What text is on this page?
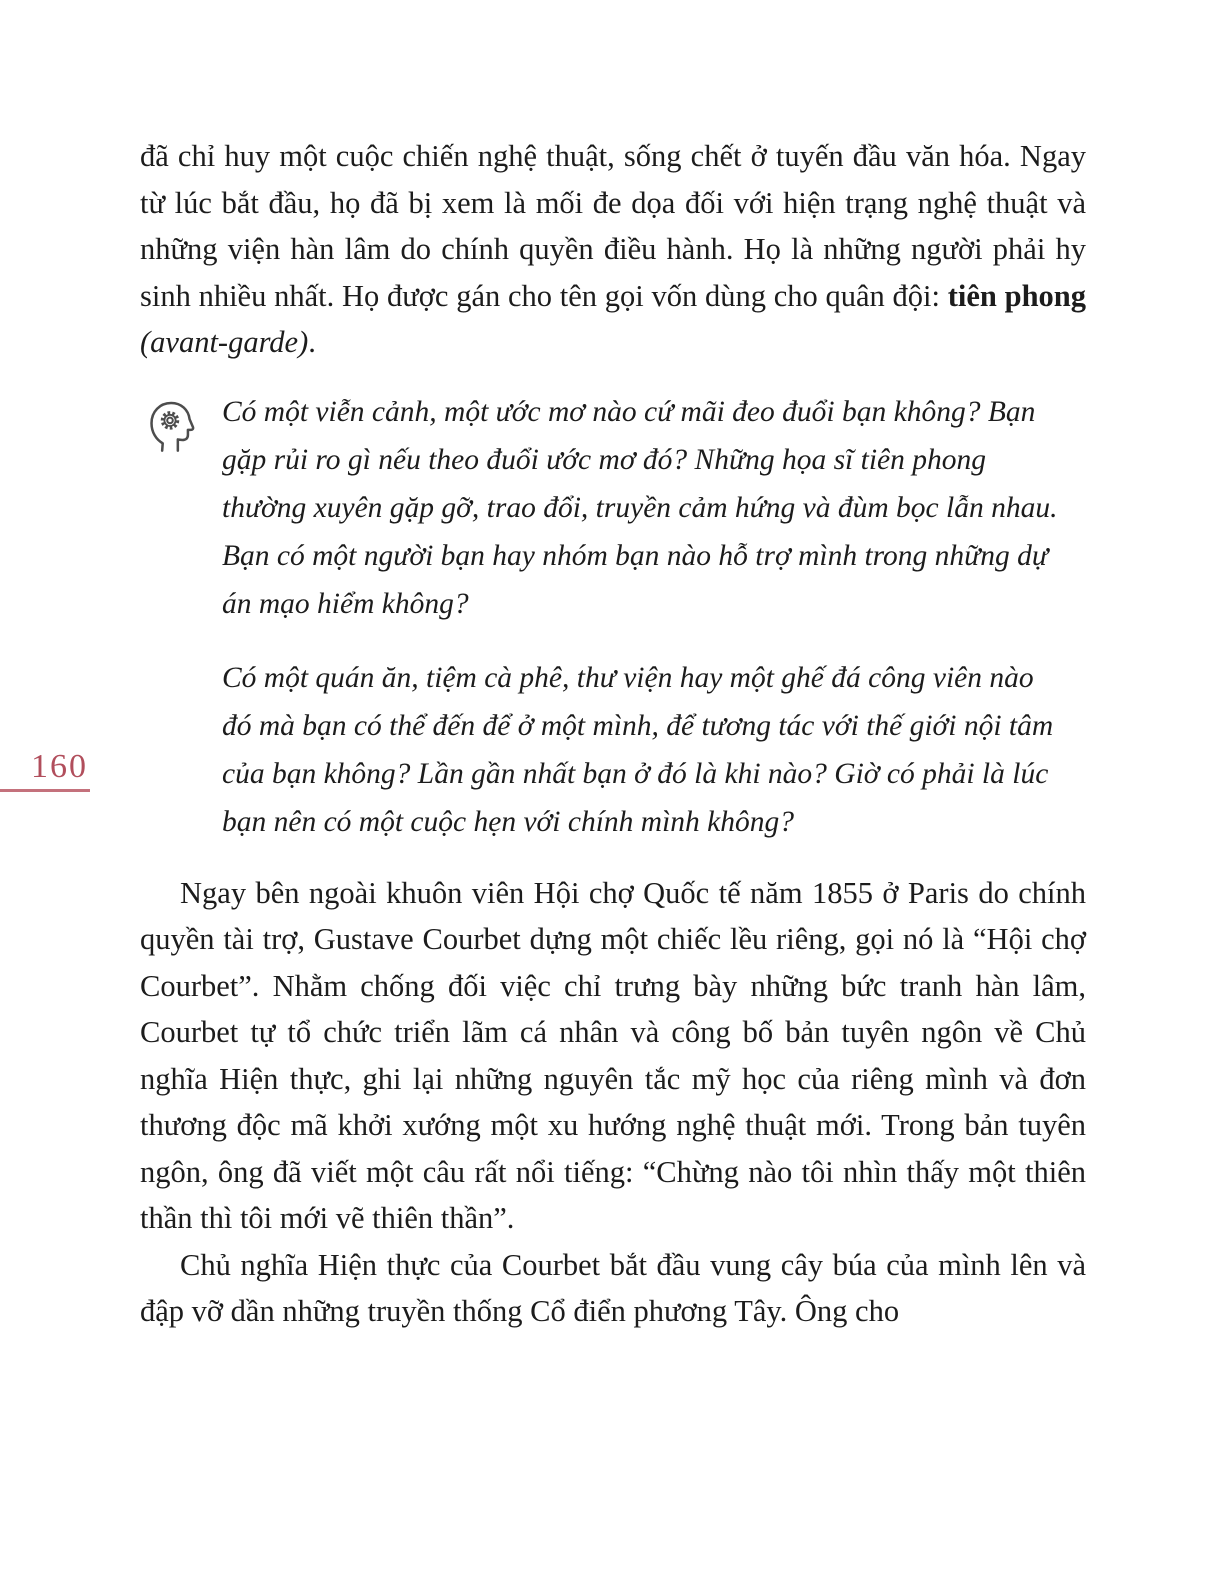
160

đã chỉ huy một cuộc chiến nghệ thuật, sống chết ở tuyến đầu văn hóa. Ngay từ lúc bắt đầu, họ đã bị xem là mối đe dọa đối với hiện trạng nghệ thuật và những viện hàn lâm do chính quyền điều hành. Họ là những người phải hy sinh nhiều nhất. Họ được gán cho tên gọi vốn dùng cho quân đội: tiên phong (avant-garde).

Có một viễn cảnh, một ước mơ nào cứ mãi đeo đuổi bạn không? Bạn gặp rủi ro gì nếu theo đuổi ước mơ đó? Những họa sĩ tiên phong thường xuyên gặp gỡ, trao đổi, truyền cảm hứng và đùm bọc lẫn nhau. Bạn có một người bạn hay nhóm bạn nào hỗ trợ mình trong những dự án mạo hiểm không?

Có một quán ăn, tiệm cà phê, thư viện hay một ghế đá công viên nào đó mà bạn có thể đến để ở một mình, để tương tác với thế giới nội tâm của bạn không? Lần gần nhất bạn ở đó là khi nào? Giờ có phải là lúc bạn nên có một cuộc hẹn với chính mình không?

Ngay bên ngoài khuôn viên Hội chợ Quốc tế năm 1855 ở Paris do chính quyền tài trợ, Gustave Courbet dựng một chiếc lều riêng, gọi nó là “Hội chợ Courbet”. Nhằm chống đối việc chỉ trưng bày những bức tranh hàn lâm, Courbet tự tổ chức triển lãm cá nhân và công bố bản tuyên ngôn về Chủ nghĩa Hiện thực, ghi lại những nguyên tắc mỹ học của riêng mình và đơn thương độc mã khởi xướng một xu hướng nghệ thuật mới. Trong bản tuyên ngôn, ông đã viết một câu rất nổi tiếng: “Chừng nào tôi nhìn thấy một thiên thần thì tôi mới vẽ thiên thần”.

Chủ nghĩa Hiện thực của Courbet bắt đầu vung cây búa của mình lên và đập vỡ dần những truyền thống Cổ điển phương Tây. Ông cho
